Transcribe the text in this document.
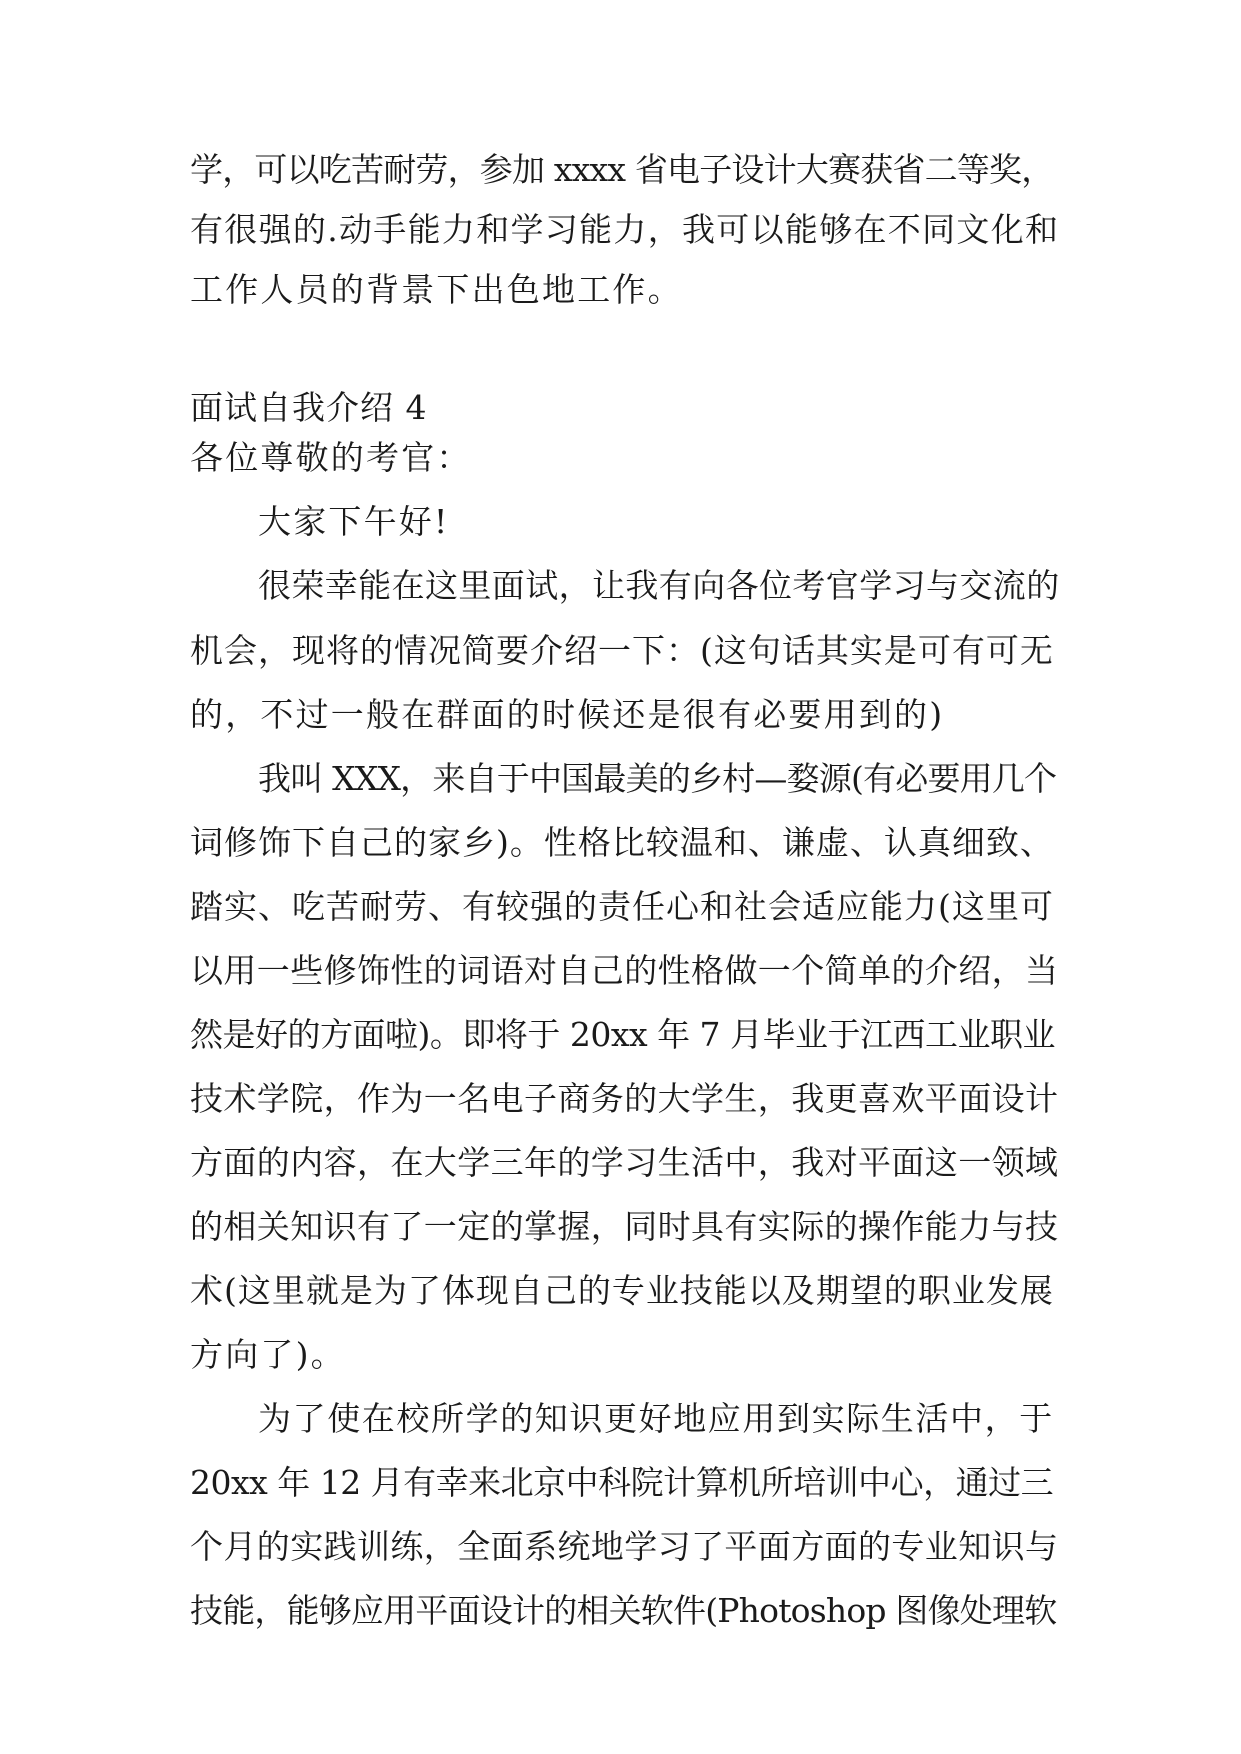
学，可以吃苦耐劳，参加 xxxx 省电子设计大赛获省二等奖，
有很强的.动手能力和学习能力，我可以能够在不同文化和
工作人员的背景下出色地工作。
面试自我介绍 4
各位尊敬的考官：
大家下午好!
很荣幸能在这里面试，让我有向各位考官学习与交流的
机会，现将的情况简要介绍一下：(这句话其实是可有可无
的，不过一般在群面的时候还是很有必要用到的)
我叫 XXX，来自于中国最美的乡村—婺源(有必要用几个
词修饰下自己的家乡)。性格比较温和、谦虚、认真细致、
踏实、吃苦耐劳、有较强的责任心和社会适应能力(这里可
以用一些修饰性的词语对自己的性格做一个简单的介绍，当
然是好的方面啦)。即将于 20xx 年 7 月毕业于江西工业职业
技术学院，作为一名电子商务的大学生，我更喜欢平面设计
方面的内容，在大学三年的学习生活中，我对平面这一领域
的相关知识有了一定的掌握，同时具有实际的操作能力与技
术(这里就是为了体现自己的专业技能以及期望的职业发展
方向了)。
为了使在校所学的知识更好地应用到实际生活中，于
20xx 年 12 月有幸来北京中科院计算机所培训中心，通过三
个月的实践训练，全面系统地学习了平面方面的专业知识与
技能，能够应用平面设计的相关软件(Photoshop 图像处理软
